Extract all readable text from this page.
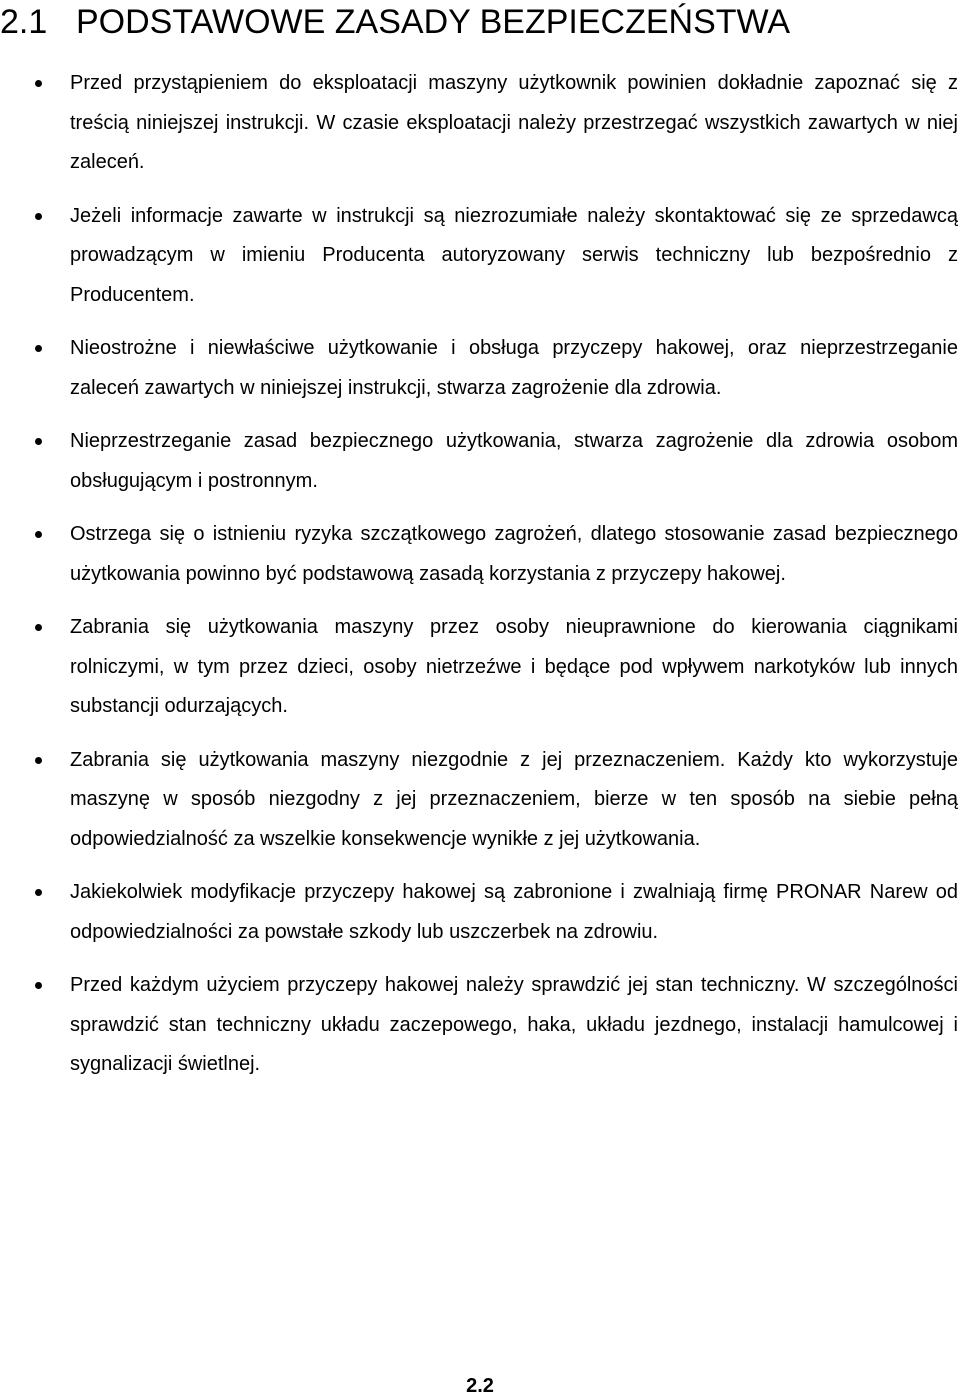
2.1 PODSTAWOWE ZASADY BEZPIECZEŃSTWA
Przed przystąpieniem do eksploatacji maszyny użytkownik powinien dokładnie zapoznać się z treścią niniejszej instrukcji. W czasie eksploatacji należy przestrzegać wszystkich zawartych w niej zaleceń.
Jeżeli informacje zawarte w instrukcji są niezrozumiałe należy skontaktować się ze sprzedawcą prowadzącym w imieniu Producenta autoryzowany serwis techniczny lub bezpośrednio z Producentem.
Nieostrożne i niewłaściwe użytkowanie i obsługa przyczepy hakowej, oraz nieprzestrzeganie zaleceń zawartych w niniejszej instrukcji, stwarza zagrożenie dla zdrowia.
Nieprzestrzeganie zasad bezpiecznego użytkowania, stwarza zagrożenie dla zdrowia osobom obsługującym i postronnym.
Ostrzega się o istnieniu ryzyka szczątkowego zagrożeń, dlatego stosowanie zasad bezpiecznego użytkowania powinno być podstawową zasadą korzystania z przyczepy hakowej.
Zabrania się użytkowania maszyny przez osoby nieuprawnione do kierowania ciągnikami rolniczymi, w tym przez dzieci, osoby nietrzeźwe i będące pod wpływem narkotyków lub innych substancji odurzających.
Zabrania się użytkowania maszyny niezgodnie z jej przeznaczeniem. Każdy kto wykorzystuje maszynę w sposób niezgodny z jej przeznaczeniem, bierze w ten sposób na siebie pełną odpowiedzialność za wszelkie konsekwencje wynikłe z jej użytkowania.
Jakiekolwiek modyfikacje przyczepy hakowej są zabronione i zwalniają firmę PRONAR Narew od odpowiedzialności za powstałe szkody lub uszczerbek na zdrowiu.
Przed każdym użyciem przyczepy hakowej należy sprawdzić jej stan techniczny. W szczególności sprawdzić stan techniczny układu zaczepowego, haka, układu jezdnego, instalacji hamulcowej i sygnalizacji świetlnej.
2.2
